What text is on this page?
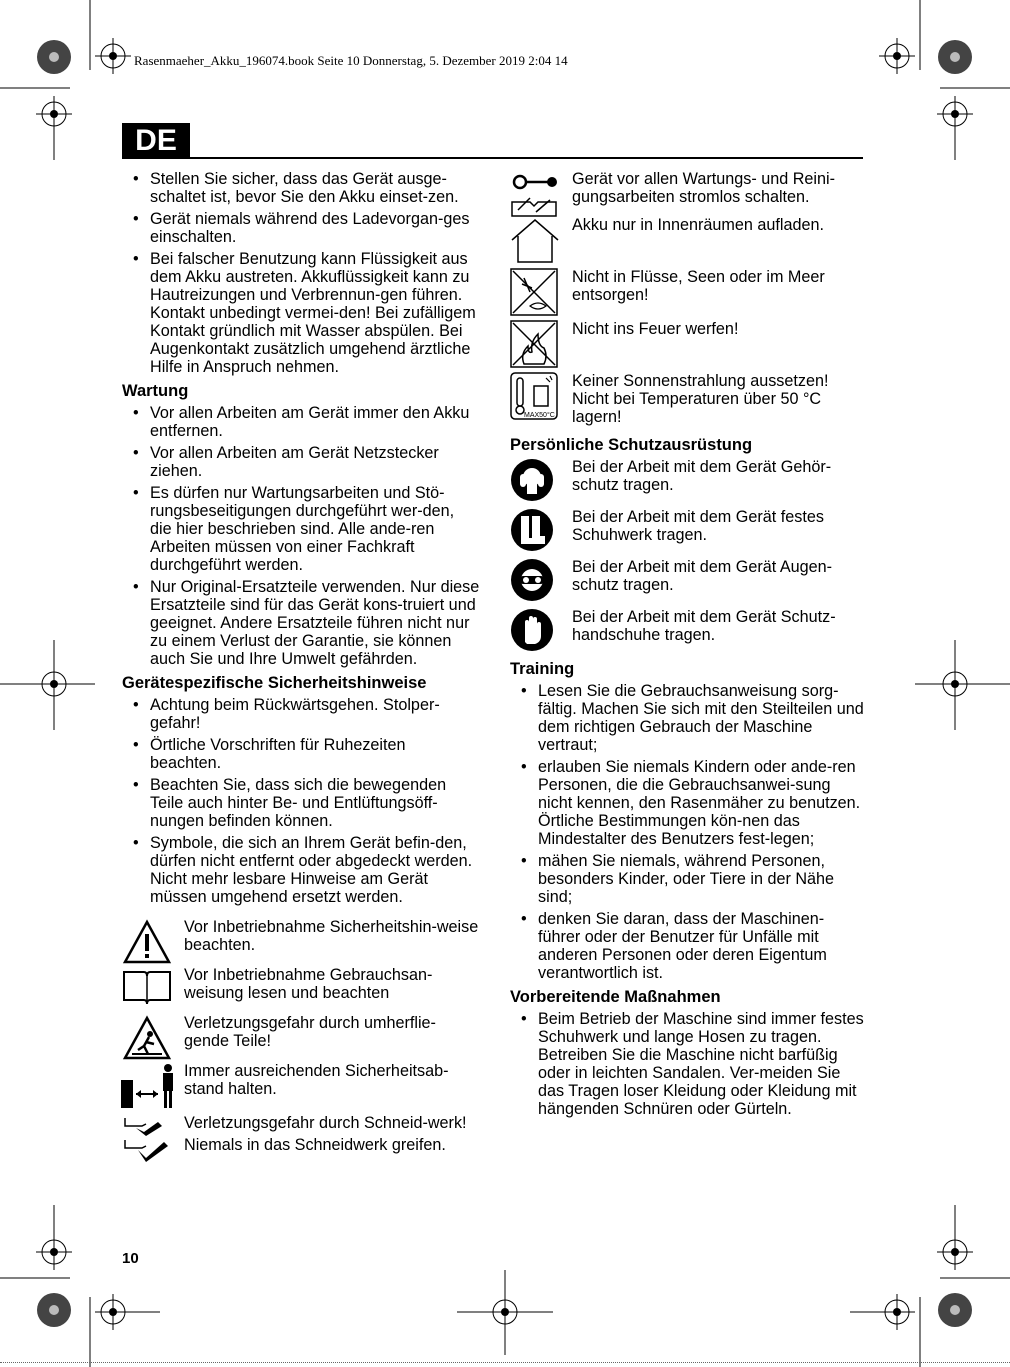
Rasenmaeher_Akku_196074.book Seite 10 Donnerstag, 5. Dezember 2019 2:04 14
DE
• Stellen Sie sicher, dass das Gerät ausge-schaltet ist, bevor Sie den Akku einset-zen.
• Gerät niemals während des Ladevorgan-ges einschalten.
• Bei falscher Benutzung kann Flüssigkeit aus dem Akku austreten. Akkuflüssigkeit kann zu Hautreizungen und Verbrennun-gen führen. Kontakt unbedingt vermei-den! Bei zufälligem Kontakt gründlich mit Wasser abspülen. Bei Augenkontakt zusätzlich umgehend ärztliche Hilfe in Anspruch nehmen.
Wartung
• Vor allen Arbeiten am Gerät immer den Akku entfernen.
• Vor allen Arbeiten am Gerät Netzstecker ziehen.
• Es dürfen nur Wartungsarbeiten und Stö-rungsbeseitigungen durchgeführt wer-den, die hier beschrieben sind. Alle ande-ren Arbeiten müssen von einer Fachkraft durchgeführt werden.
• Nur Original-Ersatzteile verwenden. Nur diese Ersatzteile sind für das Gerät kons-truiert und geeignet. Andere Ersatzteile führen nicht nur zu einem Verlust der Garantie, sie können auch Sie und Ihre Umwelt gefährden.
Gerätespezifische Sicherheitshinweise
• Achtung beim Rückwärtsgehen. Stolper-gefahr!
• Örtliche Vorschriften für Ruhezeiten beachten.
• Beachten Sie, dass sich die bewegenden Teile auch hinter Be- und Entlüftungsöff-nungen befinden können.
• Symbole, die sich an Ihrem Gerät befin-den, dürfen nicht entfernt oder abgedeckt werden. Nicht mehr lesbare Hinweise am Gerät müssen umgehend ersetzt werden.
Vor Inbetriebnahme Sicherheitshin-weise beachten.
Vor Inbetriebnahme Gebrauchsan-weisung lesen und beachten
Verletzungsgefahr durch umherflie-gende Teile!
Immer ausreichenden Sicherheitsab-stand halten.
Verletzungsgefahr durch Schneid-werk!
Niemals in das Schneidwerk greifen.
Gerät vor allen Wartungs- und Reini-gungsarbeiten stromlos schalten.
Akku nur in Innenräumen aufladen.
Nicht in Flüsse, Seen oder im Meer entsorgen!
Nicht ins Feuer werfen!
MAX50°C
Keiner Sonnenstrahlung aussetzen! Nicht bei Temperaturen über 50 °C lagern!
Persönliche Schutzausrüstung
Bei der Arbeit mit dem Gerät Gehör-schutz tragen.
Bei der Arbeit mit dem Gerät festes Schuhwerk tragen.
Bei der Arbeit mit dem Gerät Augen-schutz tragen.
Bei der Arbeit mit dem Gerät Schutz-handschuhe tragen.
Training
• Lesen Sie die Gebrauchsanweisung sorg-fältig. Machen Sie sich mit den Steilteilen und dem richtigen Gebrauch der Maschine vertraut;
• erlauben Sie niemals Kindern oder ande-ren Personen, die die Gebrauchsanwei-sung nicht kennen, den Rasenmäher zu benutzen. Örtliche Bestimmungen kön-nen das Mindestalter des Benutzers fest-legen;
• mähen Sie niemals, während Personen, besonders Kinder, oder Tiere in der Nähe sind;
• denken Sie daran, dass der Maschinen-führer oder der Benutzer für Unfälle mit anderen Personen oder deren Eigentum verantwortlich ist.
Vorbereitende Maßnahmen
• Beim Betrieb der Maschine sind immer festes Schuhwerk und lange Hosen zu tragen. Betreiben Sie die Maschine nicht barfüßig oder in leichten Sandalen. Ver-meiden Sie das Tragen loser Kleidung oder Kleidung mit hängenden Schnüren oder Gürteln.
10
